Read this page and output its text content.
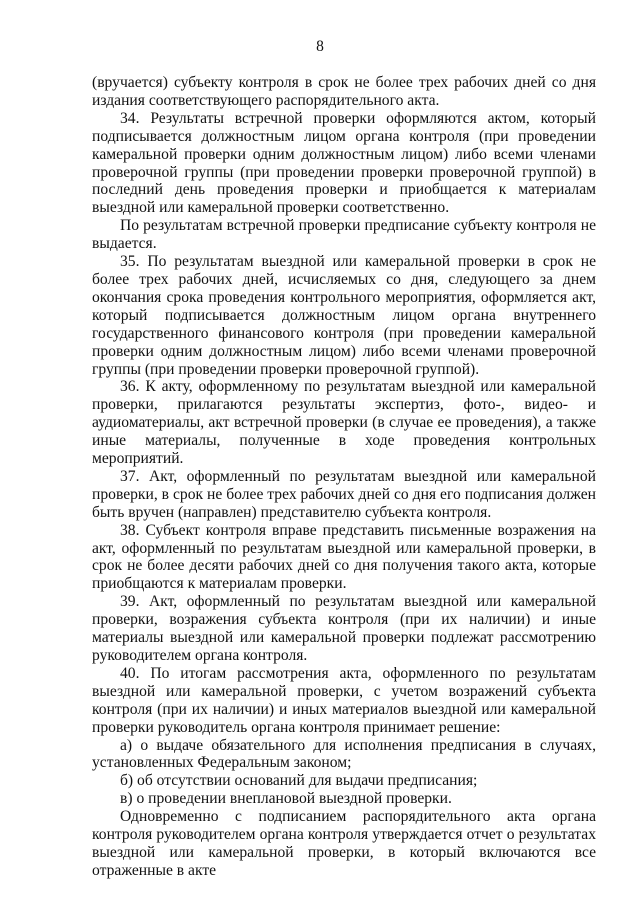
8

(вручается) субъекту контроля в срок не более трех рабочих дней со дня издания соответствующего распорядительного акта.

34. Результаты встречной проверки оформляются актом, который подписывается должностным лицом органа контроля (при проведении камеральной проверки одним должностным лицом) либо всеми членами проверочной группы (при проведении проверки проверочной группой) в последний день проведения проверки и приобщается к материалам выездной или камеральной проверки соответственно.

По результатам встречной проверки предписание субъекту контроля не выдается.

35. По результатам выездной или камеральной проверки в срок не более трех рабочих дней, исчисляемых со дня, следующего за днем окончания срока проведения контрольного мероприятия, оформляется акт, который подписывается должностным лицом органа внутреннего государственного финансового контроля (при проведении камеральной проверки одним должностным лицом) либо всеми членами проверочной группы (при проведении проверки проверочной группой).

36. К акту, оформленному по результатам выездной или камеральной проверки, прилагаются результаты экспертиз, фото-, видео- и аудиоматериалы, акт встречной проверки (в случае ее проведения), а также иные материалы, полученные в ходе проведения контрольных мероприятий.

37. Акт, оформленный по результатам выездной или камеральной проверки, в срок не более трех рабочих дней со дня его подписания должен быть вручен (направлен) представителю субъекта контроля.

38. Субъект контроля вправе представить письменные возражения на акт, оформленный по результатам выездной или камеральной проверки, в срок не более десяти рабочих дней со дня получения такого акта, которые приобщаются к материалам проверки.

39. Акт, оформленный по результатам выездной или камеральной проверки, возражения субъекта контроля (при их наличии) и иные материалы выездной или камеральной проверки подлежат рассмотрению руководителем органа контроля.

40. По итогам рассмотрения акта, оформленного по результатам выездной или камеральной проверки, с учетом возражений субъекта контроля (при их наличии) и иных материалов выездной или камеральной проверки руководитель органа контроля принимает решение:

а) о выдаче обязательного для исполнения предписания в случаях, установленных Федеральным законом;

б) об отсутствии оснований для выдачи предписания;

в) о проведении внеплановой выездной проверки.

Одновременно с подписанием распорядительного акта органа контроля руководителем органа контроля утверждается отчет о результатах выездной или камеральной проверки, в который включаются все отраженные в акте
